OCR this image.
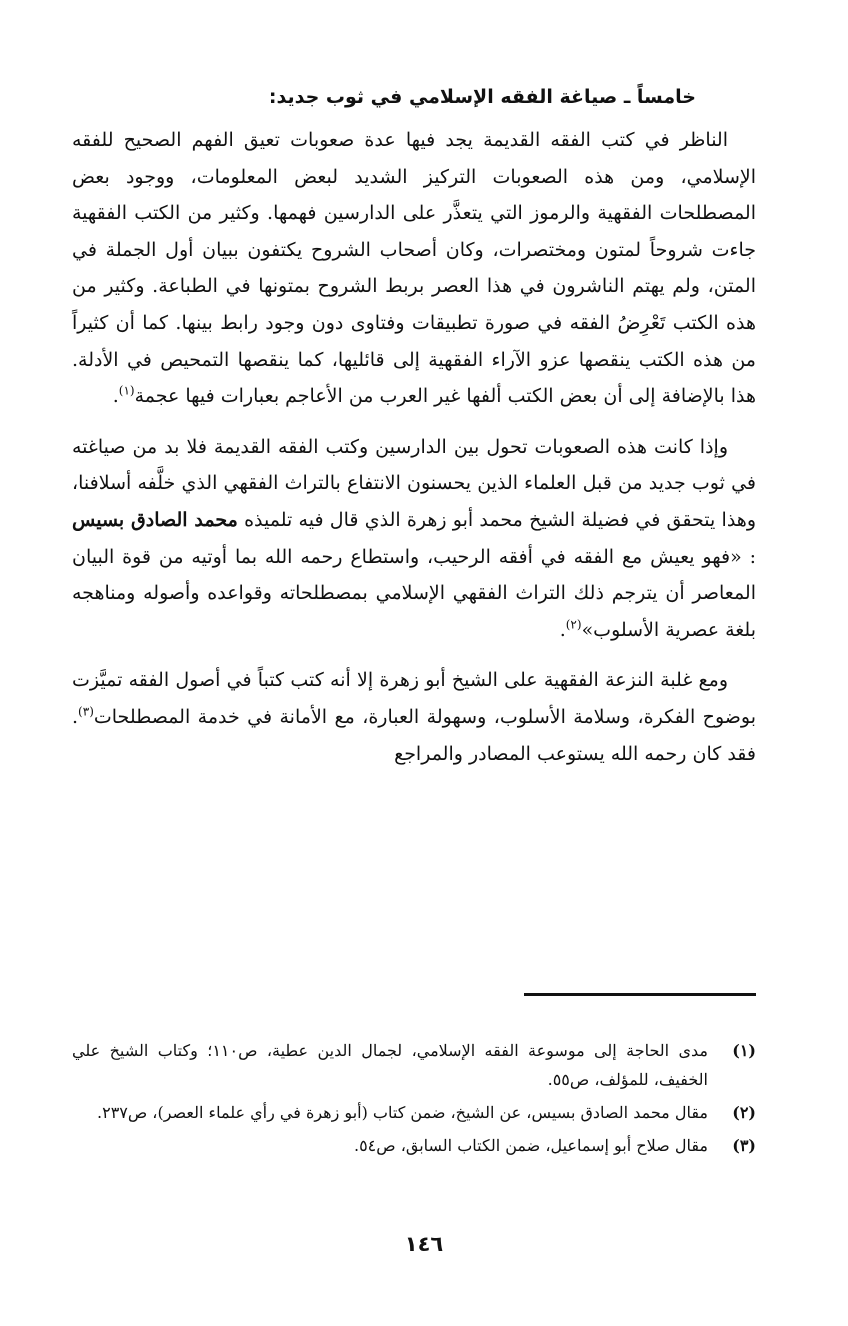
خامساً ـ صياغة الفقه الإسلامي في ثوب جديد:

الناظر في كتب الفقه القديمة يجد فيها عدة صعوبات تعيق الفهم الصحيح للفقه الإسلامي، ومن هذه الصعوبات التركيز الشديد لبعض المعلومات، ووجود بعض المصطلحات الفقهية والرموز التي يتعذَّر على الدارسين فهمها. وكثير من الكتب الفقهية جاءت شروحاً لمتون ومختصرات، وكان أصحاب الشروح يكتفون ببيان أول الجملة في المتن، ولم يهتم الناشرون في هذا العصر بربط الشروح بمتونها في الطباعة. وكثير من هذه الكتب تَعْرِضُ الفقه في صورة تطبيقات وفتاوى دون وجود رابط بينها. كما أن كثيراً من هذه الكتب ينقصها عزو الآراء الفقهية إلى قائليها، كما ينقصها التمحيص في الأدلة. هذا بالإضافة إلى أن بعض الكتب ألفها غير العرب من الأعاجم بعبارات فيها عجمة$^{(١)}$.

وإذا كانت هذه الصعوبات تحول بين الدارسين وكتب الفقه القديمة فلا بد من صياغته في ثوب جديد من قبل العلماء الذين يحسنون الانتفاع بالتراث الفقهي الذي خلَّفه أسلافنا، وهذا يتحقق في فضيلة الشيخ محمد أبو زهرة الذي قال فيه تلميذه محمد الصادق بسيس : «فهو يعيش مع الفقه في أفقه الرحيب، واستطاع رحمه الله بما أوتيه من قوة البيان المعاصر أن يترجم ذلك التراث الفقهي الإسلامي بمصطلحاته وقواعده وأصوله ومناهجه بلغة عصرية الأسلوب»$^{(٢)}$.

ومع غلبة النزعة الفقهية على الشيخ أبو زهرة إلا أنه كتب كتباً في أصول الفقه تميَّزت بوضوح الفكرة، وسلامة الأسلوب، وسهولة العبارة، مع الأمانة في خدمة المصطلحات$^{(٣)}$. فقد كان رحمه الله يستوعب المصادر والمراجع

(١)
مدى الحاجة إلى موسوعة الفقه الإسلامي، لجمال الدين عطية، ص١١٠؛ وكتاب الشيخ علي الخفيف، للمؤلف، ص٥٥.
(٢)
مقال محمد الصادق بسيس، عن الشيخ، ضمن كتاب (أبو زهرة في رأي علماء العصر)، ص٢٣٧.
(٣)
مقال صلاح أبو إسماعيل، ضمن الكتاب السابق، ص٥٤.
١٤٦
